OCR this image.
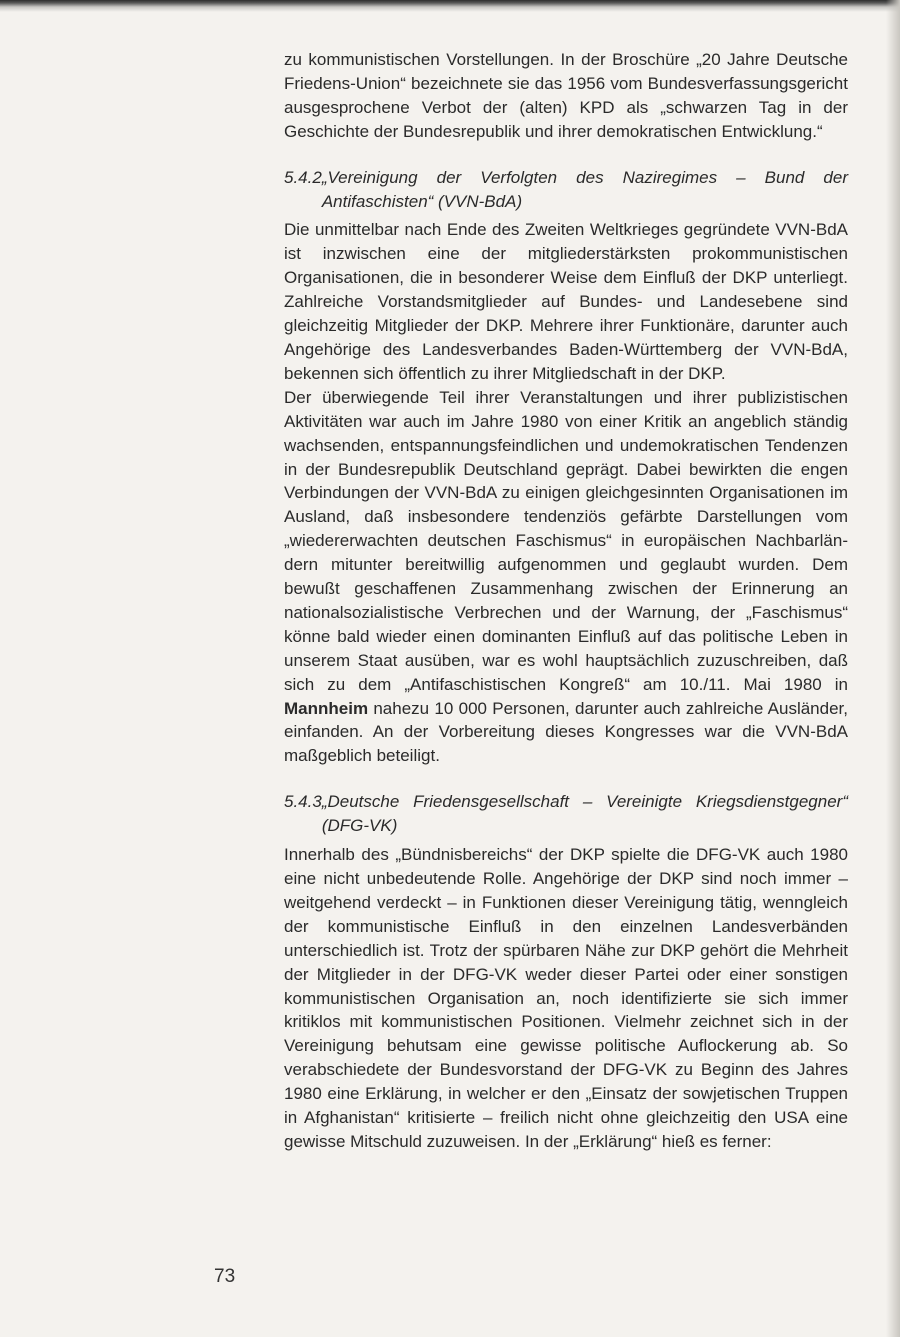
zu kommunistischen Vorstellungen. In der Broschüre „20 Jahre Deutsche Friedens-Union“ bezeichnete sie das 1956 vom Bundesverfassungsgericht ausgesprochene Verbot der (alten) KPD als „schwarzen Tag in der Geschichte der Bundesrepublik und ihrer demokratischen Entwicklung.“

5.4.2 „Vereinigung der Verfolgten des Naziregimes – Bund der Antifaschisten“ (VVN-BdA)

Die unmittelbar nach Ende des Zweiten Weltkrieges gegründete VVN-BdA ist inzwischen eine der mitgliederstärksten prokommunistischen Organisationen, die in besonderer Weise dem Einfluß der DKP unterliegt. Zahlreiche Vorstandsmitglieder auf Bundes- und Landesebene sind gleichzeitig Mitglieder der DKP. Mehrere ihrer Funktionäre, darunter auch Angehörige des Landesverbandes Baden-Württemberg der VVN-BdA, bekennen sich öffentlich zu ihrer Mitgliedschaft in der DKP.

Der überwiegende Teil ihrer Veranstaltungen und ihrer publizistischen Aktivitäten war auch im Jahre 1980 von einer Kritik an angeblich ständig wachsenden, entspannungsfeindlichen und undemokratischen Tendenzen in der Bundesrepublik Deutschland geprägt. Dabei bewirkten die engen Verbindungen der VVN-BdA zu einigen gleichgesinnten Organisationen im Ausland, daß insbesondere tendenziös gefärbte Darstellungen vom „wiedererwachten deutschen Faschismus“ in europäischen Nachbarländern mitunter bereitwillig aufgenommen und geglaubt wurden. Dem bewußt geschaffenen Zusammenhang zwischen der Erinnerung an nationalsozialistische Verbrechen und der Warnung, der „Faschismus“ könne bald wieder einen dominanten Einfluß auf das politische Leben in unserem Staat ausüben, war es wohl hauptsächlich zuzuschreiben, daß sich zu dem „Antifaschistischen Kongreß“ am 10./11. Mai 1980 in Mannheim nahezu 10 000 Personen, darunter auch zahlreiche Ausländer, einfanden. An der Vorbereitung dieses Kongresses war die VVN-BdA maßgeblich beteiligt.

5.4.3 „Deutsche Friedensgesellschaft – Vereinigte Kriegsdienstgegner“ (DFG-VK)

Innerhalb des „Bündnisbereichs“ der DKP spielte die DFG-VK auch 1980 eine nicht unbedeutende Rolle. Angehörige der DKP sind noch immer – weitgehend verdeckt – in Funktionen dieser Vereinigung tätig, wenngleich der kommunistische Einfluß in den einzelnen Landesverbänden unterschiedlich ist. Trotz der spürbaren Nähe zur DKP gehört die Mehrheit der Mitglieder in der DFG-VK weder dieser Partei oder einer sonstigen kommunistischen Organisation an, noch identifizierte sie sich immer kritiklos mit kommunistischen Positionen. Vielmehr zeichnet sich in der Vereinigung behutsam eine gewisse politische Auflockerung ab. So verabschiedete der Bundesvorstand der DFG-VK zu Beginn des Jahres 1980 eine Erklärung, in welcher er den „Einsatz der sowjetischen Truppen in Afghanistan“ kritisierte – freilich nicht ohne gleichzeitig den USA eine gewisse Mitschuld zuzuweisen. In der „Erklärung“ hieß es ferner:

73
